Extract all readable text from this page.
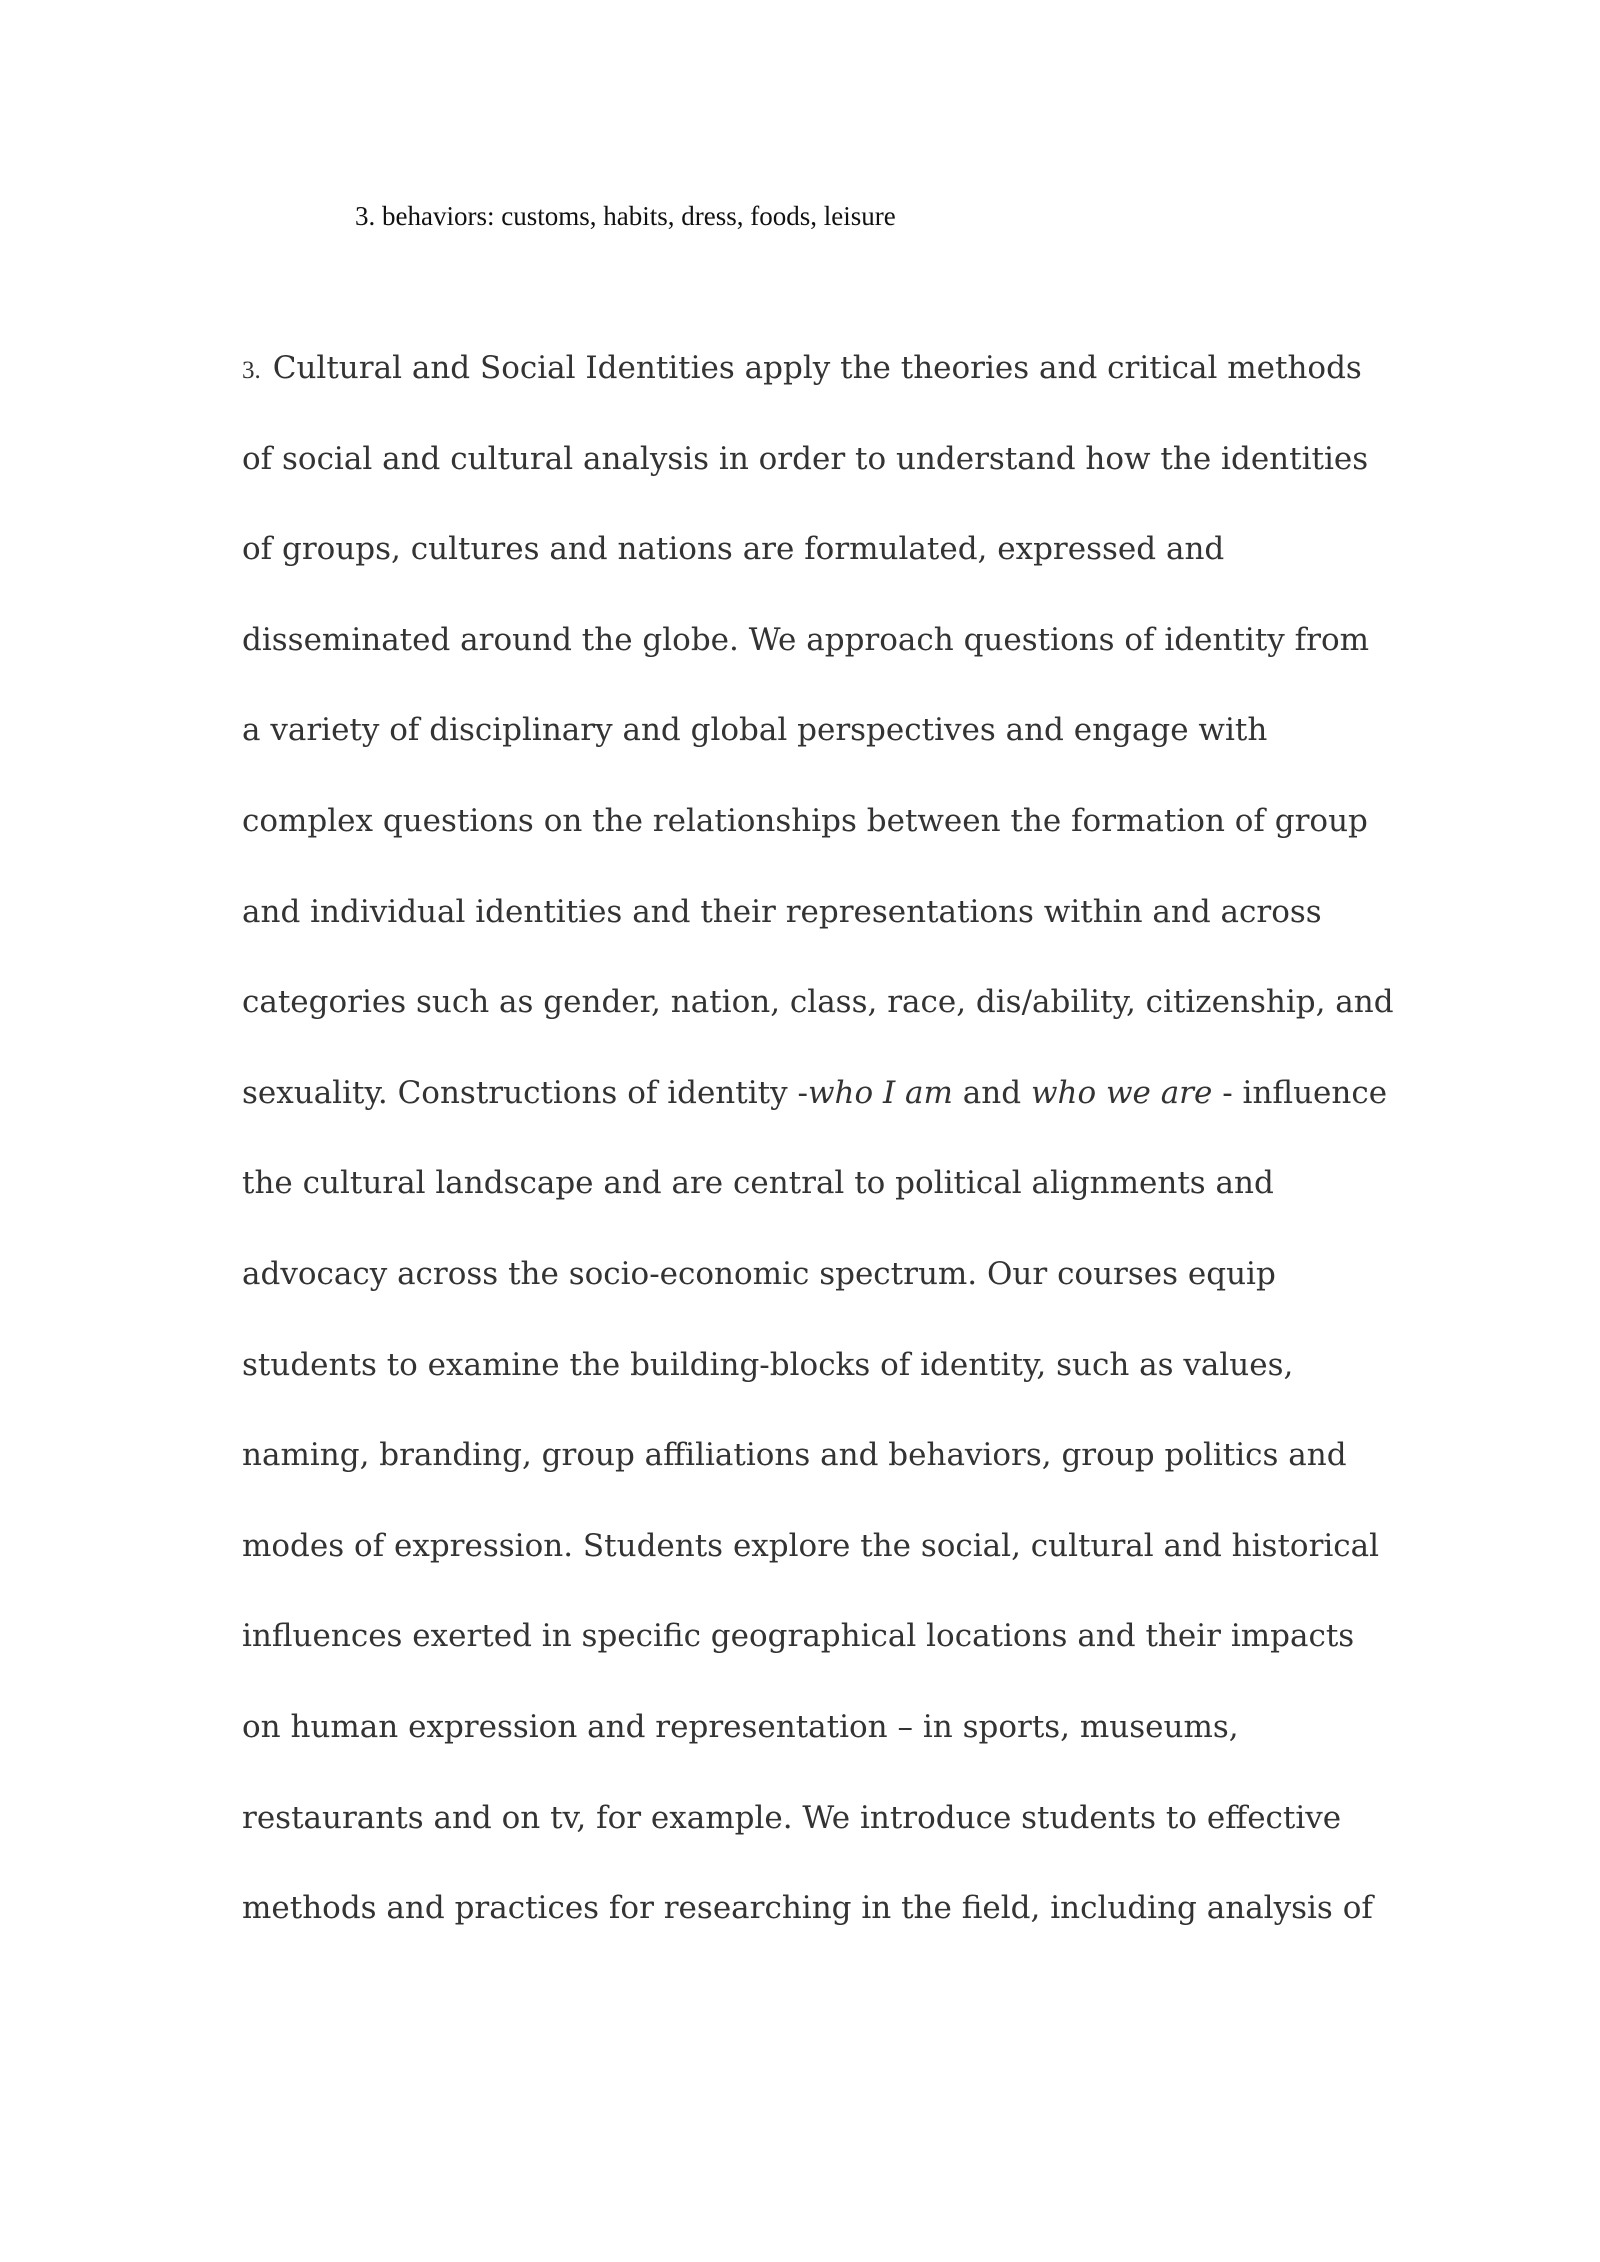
3. behaviors: customs, habits, dress, foods, leisure
3. Cultural and Social Identities apply the theories and critical methods
of social and cultural analysis in order to understand how the identities
of groups, cultures and nations are formulated, expressed and
disseminated around the globe. We approach questions of identity from
a variety of disciplinary and global perspectives and engage with
complex questions on the relationships between the formation of group
and individual identities and their representations within and across
categories such as gender, nation, class, race, dis/ability, citizenship, and
sexuality. Constructions of identity -who I am and who we are - influence
the cultural landscape and are central to political alignments and
advocacy across the socio-economic spectrum. Our courses equip
students to examine the building-blocks of identity, such as values,
naming, branding, group affiliations and behaviors, group politics and
modes of expression. Students explore the social, cultural and historical
influences exerted in specific geographical locations and their impacts
on human expression and representation – in sports, museums,
restaurants and on tv, for example. We introduce students to effective
methods and practices for researching in the field, including analysis of
